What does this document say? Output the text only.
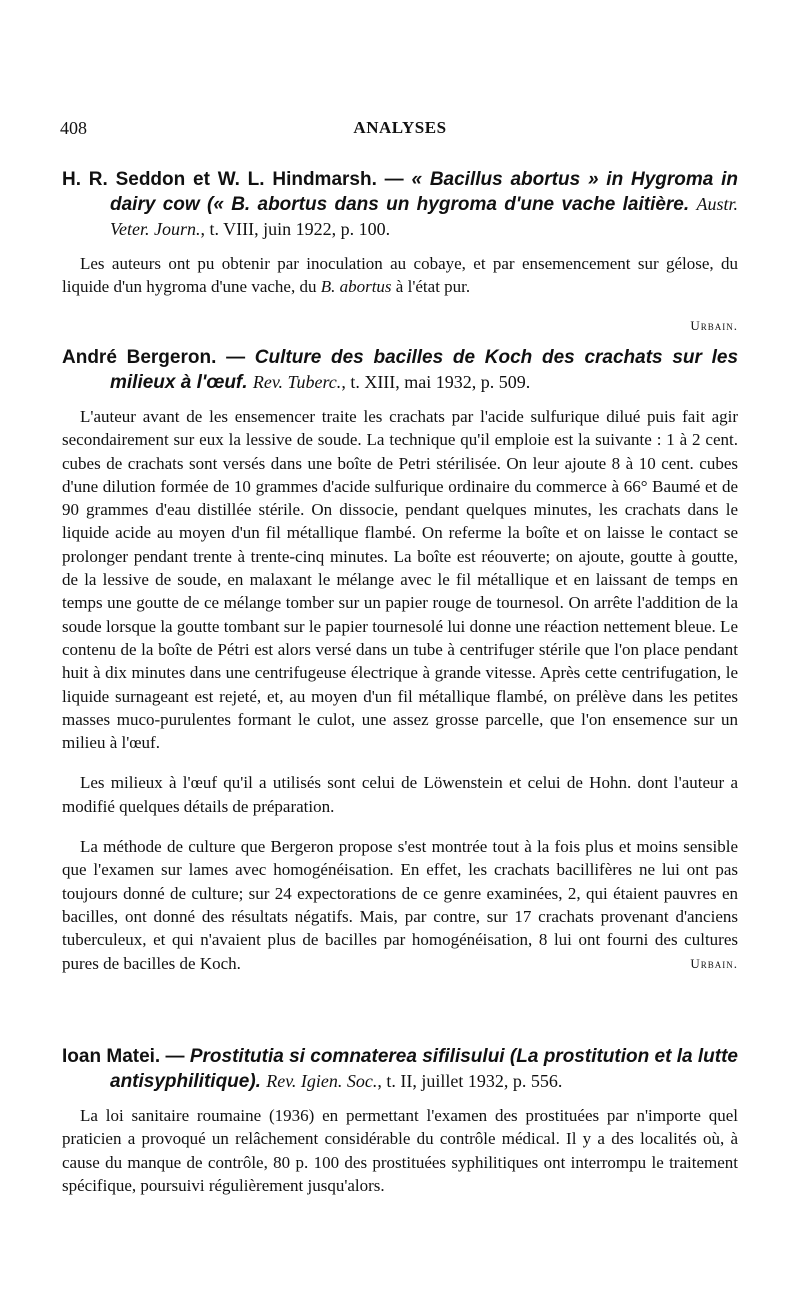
408	ANALYSES
H. R. Seddon et W. L. Hindmarsh. — « Bacillus abortus » in Hygroma in dairy cow (« B. abortus dans un hygroma d'une vache laitière. Austr. Veter. Journ., t. VIII, juin 1922, p. 100.

Les auteurs ont pu obtenir par inoculation au cobaye, et par ensemencement sur gélose, du liquide d'un hygroma d'une vache, du B. abortus à l'état pur.

Urbain.
André Bergeron. — Culture des bacilles de Koch des crachats sur les milieux à l'œuf. Rev. Tuberc., t. XIII, mai 1932, p. 509.

L'auteur avant de les ensemencer traite les crachats par l'acide sulfurique dilué puis fait agir secondairement sur eux la lessive de soude. La technique qu'il emploie est la suivante : 1 à 2 cent. cubes de crachats sont versés dans une boîte de Petri stérilisée. On leur ajoute 8 à 10 cent. cubes d'une dilution formée de 10 grammes d'acide sulfurique ordinaire du commerce à 66° Baumé et de 90 grammes d'eau distillée stérile. On dissocie, pendant quelques minutes, les crachats dans le liquide acide au moyen d'un fil métallique flambé. On referme la boîte et on laisse le contact se prolonger pendant trente à trente-cinq minutes. La boîte est réouverte; on ajoute, goutte à goutte, de la lessive de soude, en malaxant le mélange avec le fil métallique et en laissant de temps en temps une goutte de ce mélange tomber sur un papier rouge de tournesol. On arrête l'addition de la soude lorsque la goutte tombant sur le papier tournesolé lui donne une réaction nettement bleue. Le contenu de la boîte de Pétri est alors versé dans un tube à centrifuger stérile que l'on place pendant huit à dix minutes dans une centrifugeuse électrique à grande vitesse. Après cette centrifugation, le liquide surnageant est rejeté, et, au moyen d'un fil métallique flambé, on prélève dans les petites masses muco-purulentes formant le culot, une assez grosse parcelle, que l'on ensemence sur un milieu à l'œuf.

Les milieux à l'œuf qu'il a utilisés sont celui de Löwenstein et celui de Hohn. dont l'auteur a modifié quelques détails de préparation.

La méthode de culture que Bergeron propose s'est montrée tout à la fois plus et moins sensible que l'examen sur lames avec homogénéisation. En effet, les crachats bacillifères ne lui ont pas toujours donné de culture; sur 24 expectorations de ce genre examinées, 2, qui étaient pauvres en bacilles, ont donné des résultats négatifs. Mais, par contre, sur 17 crachats provenant d'anciens tuberculeux, et qui n'avaient plus de bacilles par homogénéisation, 8 lui ont fourni des cultures pures de bacilles de Koch.	Urbain.

Ioan Matei. — Prostitutia si comnaterea sifilisului (La prostitution et la lutte antisyphilitique). Rev. Igien. Soc., t. II, juillet 1932, p. 556.

La loi sanitaire roumaine (1936) en permettant l'examen des prostituées par n'importe quel praticien a provoqué un relâchement considérable du contrôle médical. Il y a des localités où, à cause du manque de contrôle, 80 p. 100 des prostituées syphilitiques ont interrompu le traitement spécifique, poursuivi régulièrement jusqu'alors.
